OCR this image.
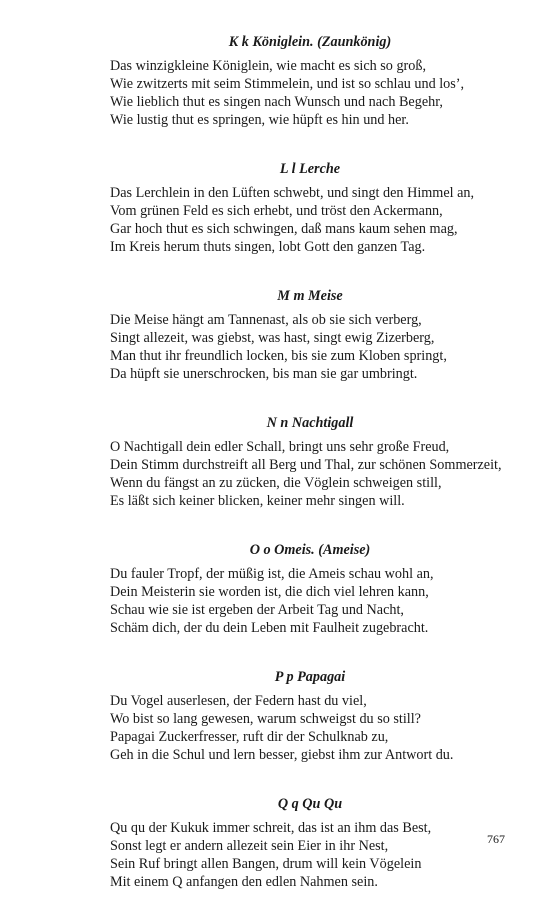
K k Königlein. (Zaunkönig)
Das winzigkleine Königlein, wie macht es sich so groß,
Wie zwitzerts mit seim Stimmelein, und ist so schlau und los’,
Wie lieblich thut es singen nach Wunsch und nach Begehr,
Wie lustig thut es springen, wie hüpft es hin und her.
L l Lerche
Das Lerchlein in den Lüften schwebt, und singt den Himmel an,
Vom grünen Feld es sich erhebt, und tröst den Ackermann,
Gar hoch thut es sich schwingen, daß mans kaum sehen mag,
Im Kreis herum thuts singen, lobt Gott den ganzen Tag.
M m Meise
Die Meise hängt am Tannenast, als ob sie sich verberg,
Singt allezeit, was giebst, was hast, singt ewig Zizerberg,
Man thut ihr freundlich locken, bis sie zum Kloben springt,
Da hüpft sie unerschrocken, bis man sie gar umbringt.
N n Nachtigall
O Nachtigall dein edler Schall, bringt uns sehr große Freud,
Dein Stimm durchstreift all Berg und Thal, zur schönen Sommerzeit,
Wenn du fängst an zu zücken, die Vöglein schweigen still,
Es läßt sich keiner blicken, keiner mehr singen will.
O o Omeis. (Ameise)
Du fauler Tropf, der müßig ist, die Ameis schau wohl an,
Dein Meisterin sie worden ist, die dich viel lehren kann,
Schau wie sie ist ergeben der Arbeit Tag und Nacht,
Schäm dich, der du dein Leben mit Faulheit zugebracht.
P p Papagai
Du Vogel auserlesen, der Federn hast du viel,
Wo bist so lang gewesen, warum schweigst du so still?
Papagai Zuckerfresser, ruft dir der Schulknab zu,
Geh in die Schul und lern besser, giebst ihm zur Antwort du.
Q q Qu Qu
Qu qu der Kukuk immer schreit, das ist an ihm das Best,
Sonst legt er andern allezeit sein Eier in ihr Nest,
Sein Ruf bringt allen Bangen, drum will kein Vögelein
Mit einem Q anfangen den edlen Nahmen sein.
767
